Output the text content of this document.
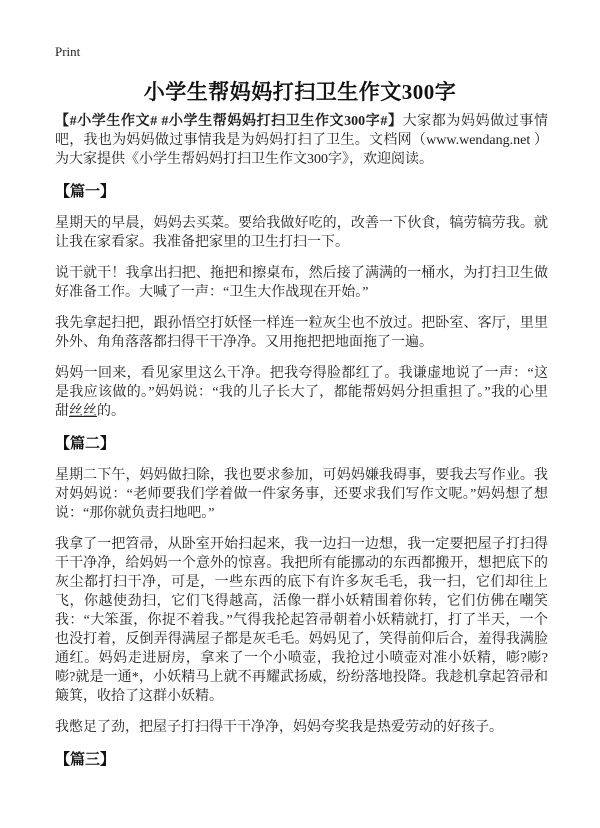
Print
小学生帮妈妈打扫卫生作文300字

【#小学生作文# #小学生帮妈妈打扫卫生作文300字#】大家都为妈妈做过事情吧，我也为妈妈做过事情我是为妈妈打扫了卫生。文档网（www.wendang.net ）为大家提供《小学生帮妈妈打扫卫生作文300字》，欢迎阅读。

【篇一】

星期天的早晨，妈妈去买菜。要给我做好吃的，改善一下伙食，犒劳犒劳我。就让我在家看家。我准备把家里的卫生打扫一下。

说干就干！我拿出扫把、拖把和擦桌布，然后接了满满的一桶水，为打扫卫生做好准备工作。大喊了一声：“卫生大作战现在开始。”

我先拿起扫把，跟孙悟空打妖怪一样连一粒灰尘也不放过。把卧室、客厅，里里外外、角角落落都扫得干干净净。又用拖把把地面拖了一遍。

妈妈一回来，看见家里这么干净。把我夸得脸都红了。我谦虚地说了一声：“这是我应该做的。”妈妈说：“我的儿子长大了，都能帮妈妈分担重担了。”我的心里甜丝丝的。

【篇二】

星期二下午，妈妈做扫除，我也要求参加，可妈妈嫌我碍事，要我去写作业。我对妈妈说：“老师要我们学着做一件家务事，还要求我们写作文呢。”妈妈想了想说：“那你就负责扫地吧。”

我拿了一把笤帚，从卧室开始扫起来，我一边扫一边想，我一定要把屋子打扫得干干净净，给妈妈一个意外的惊喜。我把所有能挪动的东西都搬开，想把底下的灰尘都打扫干净，可是，一些东西的底下有许多灰毛毛，我一扫，它们却往上飞，你越使劲扫，它们飞得越高，活像一群小妖精围着你转，它们仿佛在嘲笑我：“大笨蛋，你捉不着我。”气得我抡起笤帚朝着小妖精就打，打了半天，一个也没打着，反倒弄得满屋子都是灰毛毛。妈妈见了，笑得前仰后合，羞得我满脸通红。妈妈走进厨房，拿来了一个小喷壶，我抢过小喷壶对准小妖精，嘭?嘭?嘭?就是一通*，小妖精马上就不再耀武扬威，纷纷落地投降。我趁机拿起笤帚和簸箕，收拾了这群小妖精。

我憋足了劲，把屋子打扫得干干净净，妈妈夸奖我是热爱劳动的好孩子。

【篇三】
